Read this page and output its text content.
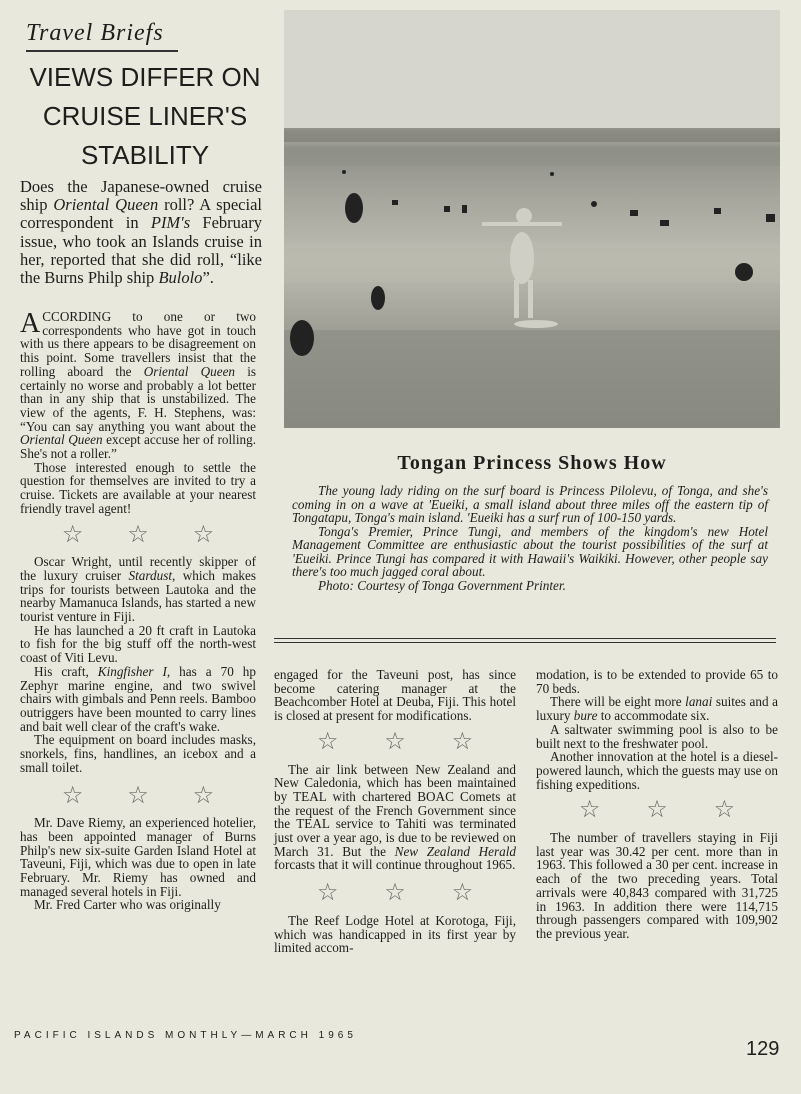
Travel Briefs
VIEWS DIFFER ON
CRUISE LINER'S
STABILITY
Does the Japanese-owned cruise ship Oriental Queen roll? A special correspondent in PIM's February issue, who took an Islands cruise in her, reported that she did roll, “like the Burns Philp ship Bulolo”.

ACCORDING to one or two correspondents who have got in touch with us there appears to be disagreement on this point. Some travellers insist that the rolling aboard the Oriental Queen is certainly no worse and probably a lot better than in any ship that is unstabilized. The view of the agents, F. H. Stephens, was: “You can say anything you want about the Oriental Queen except accuse her of rolling. She's not a roller.”

Those interested enough to settle the question for themselves are invited to try a cruise. Tickets are available at your nearest friendly travel agent!

☆ ☆ ☆

Oscar Wright, until recently skipper of the luxury cruiser Stardust, which makes trips for tourists between Lautoka and the nearby Mamanuca Islands, has started a new tourist venture in Fiji.

He has launched a 20 ft craft in Lautoka to fish for the big stuff off the north-west coast of Viti Levu.

His craft, Kingfisher I, has a 70 hp Zephyr marine engine, and two swivel chairs with gimbals and Penn reels. Bamboo outriggers have been mounted to carry lines and bait well clear of the craft's wake.

The equipment on board includes masks, snorkels, fins, handlines, an icebox and a small toilet.

☆ ☆ ☆

Mr. Dave Riemy, an experienced hotelier, has been appointed manager of Burns Philp's new six-suite Garden Island Hotel at Taveuni, Fiji, which was due to open in late February. Mr. Riemy has owned and managed several hotels in Fiji.

Mr. Fred Carter who was originally

Tongan Princess Shows How

The young lady riding on the surf board is Princess Pilolevu, of Tonga, and she's coming in on a wave at 'Eueiki, a small island about three miles off the eastern tip of Tongatapu, Tonga's main island. 'Eueiki has a surf run of 100-150 yards.

Tonga's Premier, Prince Tungi, and members of the kingdom's new Hotel Management Committee are enthusiastic about the tourist possibilities of the surf at 'Eueiki. Prince Tungi has compared it with Hawaii's Waikiki. However, other people say there's too much jagged coral about.

Photo: Courtesy of Tonga Government Printer.

engaged for the Taveuni post, has since become catering manager at the Beachcomber Hotel at Deuba, Fiji. This hotel is closed at present for modifications.

☆ ☆ ☆

The air link between New Zealand and New Caledonia, which has been maintained by TEAL with chartered BOAC Comets at the request of the French Government since the TEAL service to Tahiti was terminated just over a year ago, is due to be reviewed on March 31. But the New Zealand Herald forcasts that it will continue throughout 1965.

☆ ☆ ☆

The Reef Lodge Hotel at Korotoga, Fiji, which was handicapped in its first year by limited accom-

modation, is to be extended to provide 65 to 70 beds.

There will be eight more lanai suites and a luxury bure to accommodate six.

A saltwater swimming pool is also to be built next to the freshwater pool.

Another innovation at the hotel is a diesel-powered launch, which the guests may use on fishing expeditions.

☆ ☆ ☆

The number of travellers staying in Fiji last year was 30.42 per cent. more than in 1963. This followed a 30 per cent. increase in each of the two preceding years. Total arrivals were 40,843 compared with 31,725 in 1963. In addition there were 114,715 through passengers compared with 109,902 the previous year.

PACIFIC ISLANDS MONTHLY—MARCH 1965
129
